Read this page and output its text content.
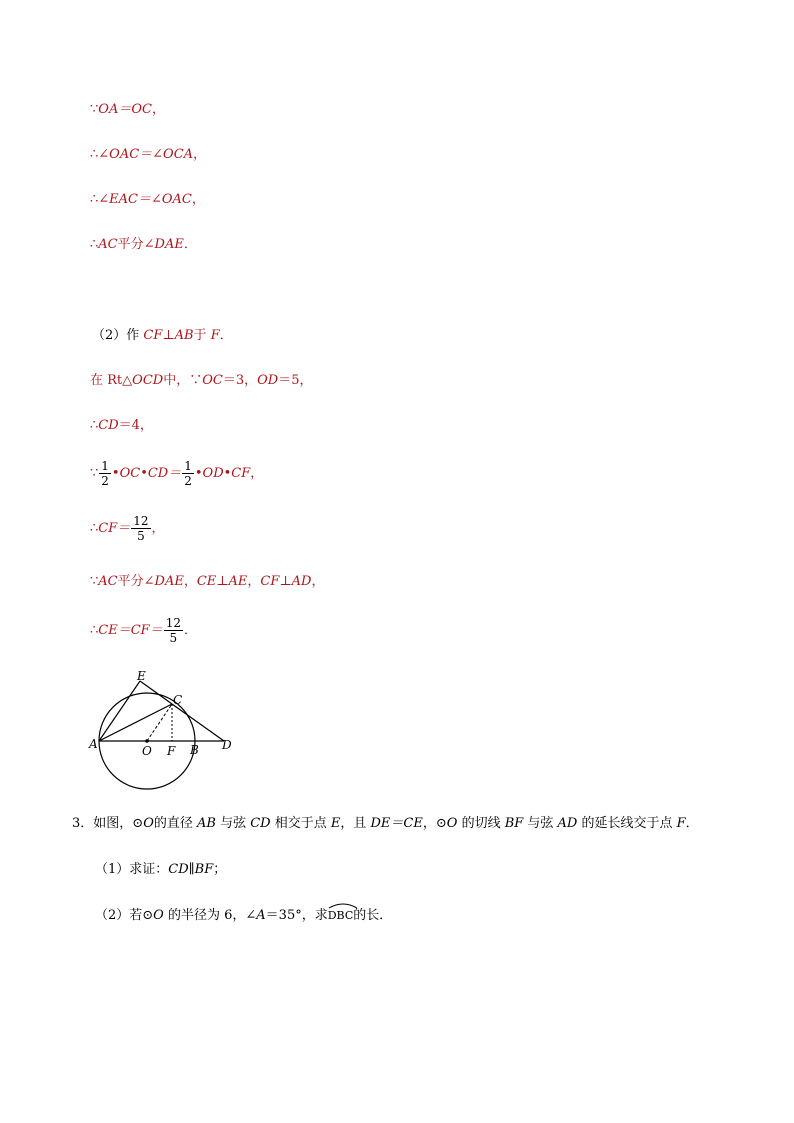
∵OA＝OC，
∴∠OAC＝∠OCA，
∴∠EAC＝∠OAC，
∴AC平分∠DAE．
（2）作 CF⊥AB于 F．
在 Rt△OCD中，∵OC＝3，OD＝5，
∴CD＝4，
∵ $\frac{1}{2}$ •OC•CD＝ $\frac{1}{2}$ •OD•CF，
∴CF＝ $\frac{12}{5}$ ，
∵AC平分∠DAE，CE⊥AE，CF⊥AD，
∴CE＝CF＝ $\frac{12}{5}$ ．
E
C
A	O F B D
3．如图，⊙O的直径 AB 与弦 CD 相交于点 E，且 DE＝CE，⊙O 的切线 BF 与弦 AD 的延长线交于点 F．
（1）求证：CD∥BF；
（2）若⊙O 的半径为 6，∠A＝35°，求
DBC的长．
